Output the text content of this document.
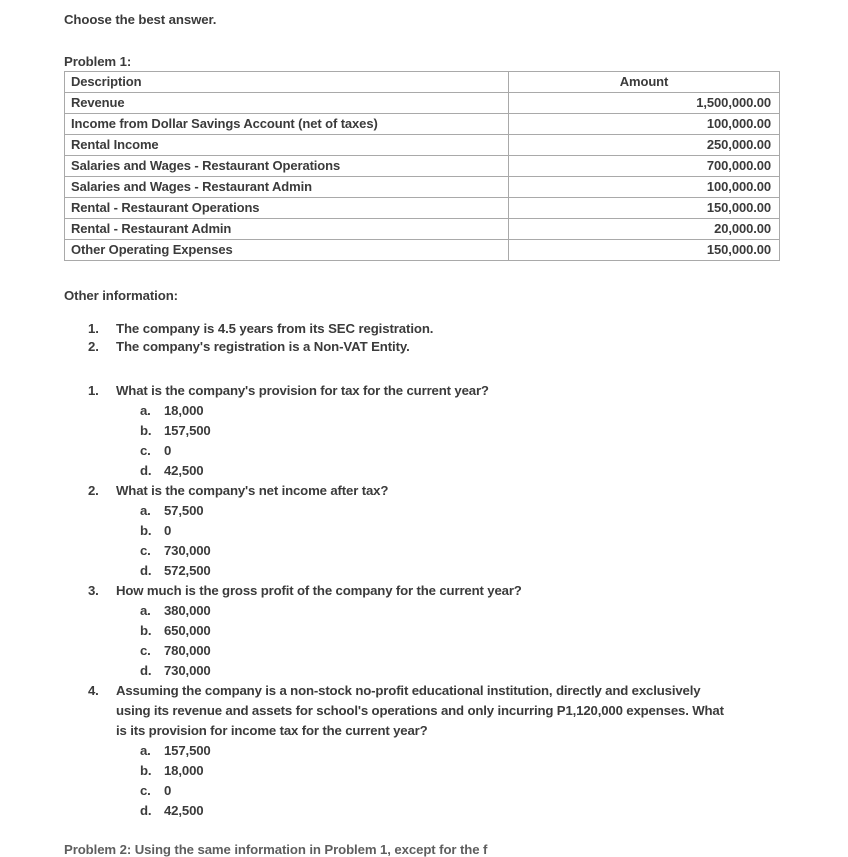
Choose the best answer.
Problem 1:
Description	Amount
Revenue	1,500,000.00
Income from Dollar Savings Account (net of taxes)	100,000.00
Rental Income	250,000.00
Salaries and Wages - Restaurant Operations	700,000.00
Salaries and Wages - Restaurant Admin	100,000.00
Rental - Restaurant Operations	150,000.00
Rental - Restaurant Admin	20,000.00
Other Operating Expenses	150,000.00
Other information:
1.	The company is 4.5 years from its SEC registration.
2.	The company's registration is a Non-VAT Entity.
1.	What is the company's provision for tax for the current year?
a.	18,000
b. 157,500
c.	0
d. 42,500
2.	What is the company's net income after tax?
a.	57,500
b. 0
c.	730,000
d. 572,500
3.	How much is the gross profit of the company for the current year?
a.	380,000
b. 650,000
c.	780,000
d. 730,000
4.	Assuming the company is a non-stock no-profit educational institution, directly and exclusively using its revenue and assets for school's operations and only incurring P1,120,000 expenses. What is its provision for income tax for the current year?
a.	157,500
b. 18,000
c.	0
d. 42,500
Problem 2: Using the same information in Problem 1, except for the f
